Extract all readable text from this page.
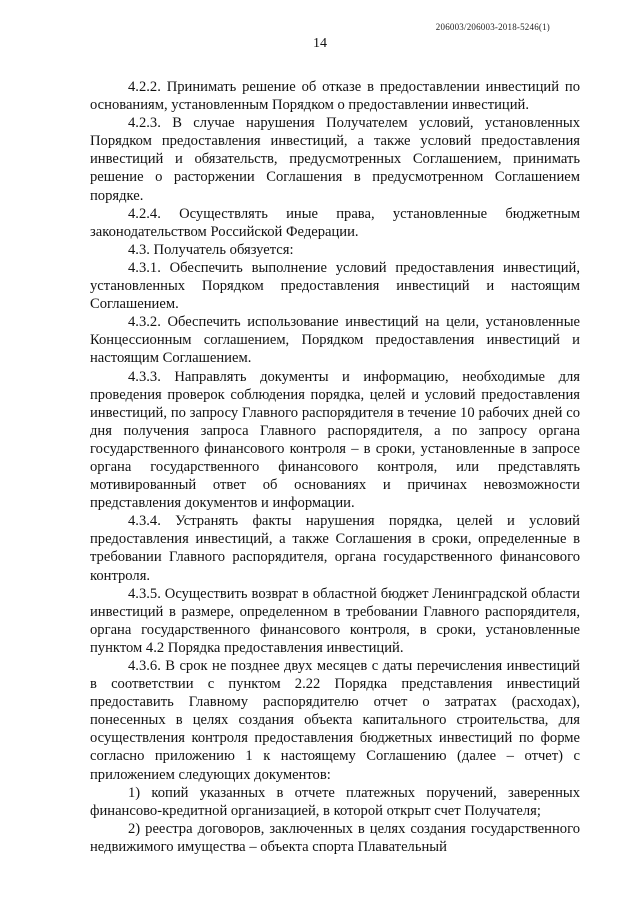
206003/206003-2018-5246(1)
14

4.2.2. Принимать решение об отказе в предоставлении инвестиций по основаниям, установленным Порядком о предоставлении инвестиций.

4.2.3. В случае нарушения Получателем условий, установленных Порядком предоставления инвестиций, а также условий предоставления инвестиций и обязательств, предусмотренных Соглашением, принимать решение о расторжении Соглашения в предусмотренном Соглашением порядке.

4.2.4. Осуществлять иные права, установленные бюджетным законодательством Российской Федерации.

4.3. Получатель обязуется:

4.3.1. Обеспечить выполнение условий предоставления инвестиций, установленных Порядком предоставления инвестиций и настоящим Соглашением.

4.3.2. Обеспечить использование инвестиций на цели, установленные Концессионным соглашением, Порядком предоставления инвестиций и настоящим Соглашением.

4.3.3. Направлять документы и информацию, необходимые для проведения проверок соблюдения порядка, целей и условий предоставления инвестиций, по запросу Главного распорядителя в течение 10 рабочих дней со дня получения запроса Главного распорядителя, а по запросу органа государственного финансового контроля – в сроки, установленные в запросе органа государственного финансового контроля, или представлять мотивированный ответ об основаниях и причинах невозможности представления документов и информации.

4.3.4. Устранять факты нарушения порядка, целей и условий предоставления инвестиций, а также Соглашения в сроки, определенные в требовании Главного распорядителя, органа государственного финансового контроля.

4.3.5. Осуществить возврат в областной бюджет Ленинградской области инвестиций в размере, определенном в требовании Главного распорядителя, органа государственного финансового контроля, в сроки, установленные пунктом 4.2 Порядка предоставления инвестиций.

4.3.6. В срок не позднее двух месяцев с даты перечисления инвестиций в соответствии с пунктом 2.22 Порядка представления инвестиций предоставить Главному распорядителю отчет о затратах (расходах), понесенных в целях создания объекта капитального строительства, для осуществления контроля предоставления бюджетных инвестиций по форме согласно приложению 1 к настоящему Соглашению (далее – отчет) с приложением следующих документов:

1) копий указанных в отчете платежных поручений, заверенных финансово-кредитной организацией, в которой открыт счет Получателя;

2) реестра договоров, заключенных в целях создания государственного недвижимого имущества – объекта спорта Плавательный
